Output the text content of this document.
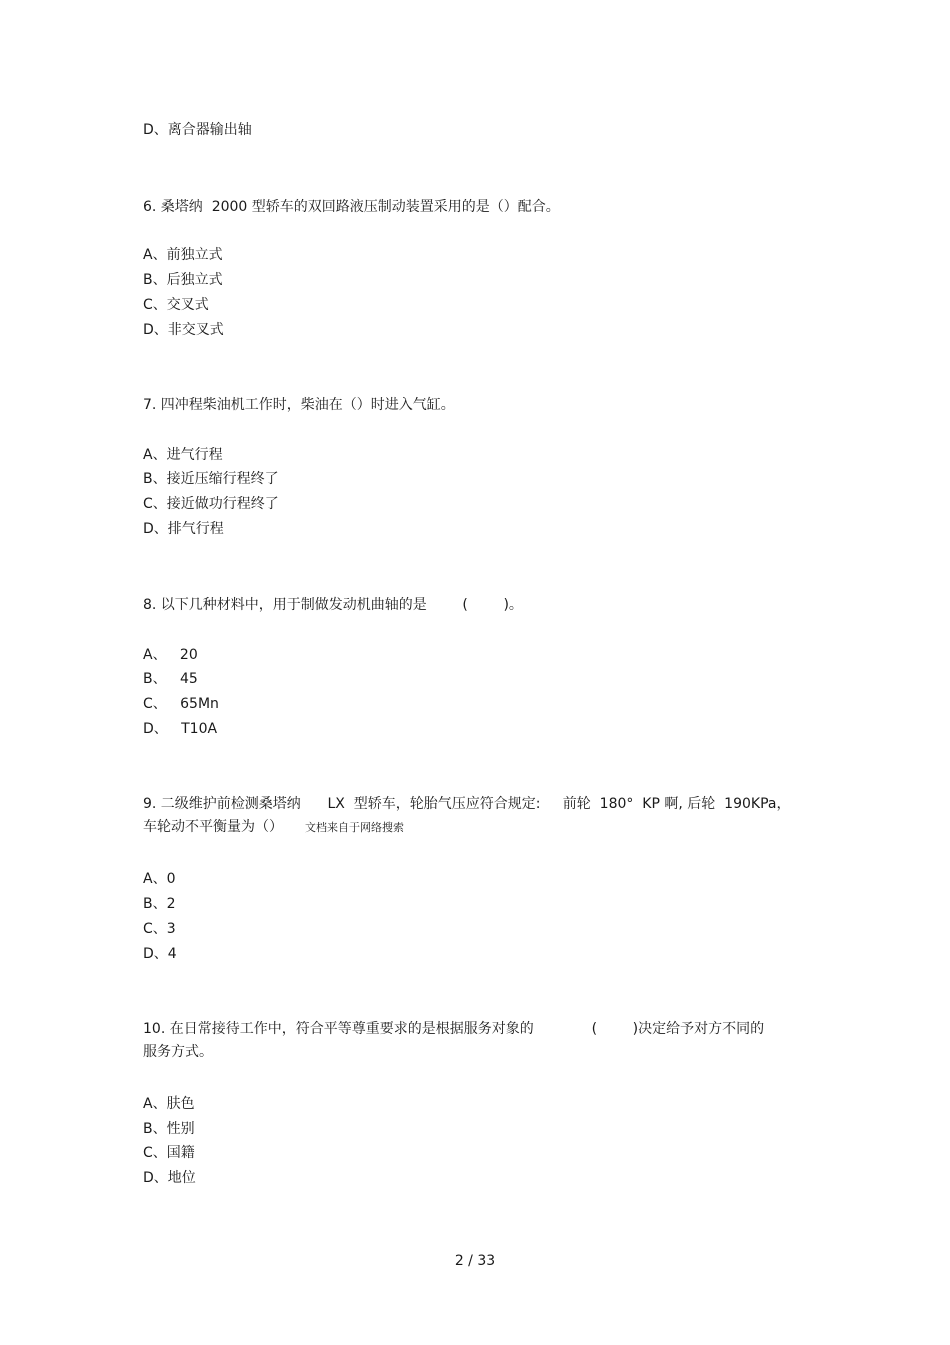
D、离合器输出轴
6. 桑塔纳  2000 型轿车的双回路液压制动装置采用的是（）配合。
A、前独立式
B、后独立式
C、交叉式
D、非交叉式
7. 四冲程柴油机工作时，柴油在（）时进入气缸。
A、进气行程
B、接近压缩行程终了
C、接近做功行程终了
D、排气行程
8. 以下几种材料中，用于制做发动机曲轴的是        (        )。
A、   20
B、   45
C、   65Mn
D、   T10A
9. 二级维护前检测桑塔纳      LX  型轿车，轮胎气压应符合规定:     前轮  180°  KP 啊, 后轮  190KPa，
车轮动不平衡量为（） 文档来自于网络搜索
A、0
B、2
C、3
D、4
10. 在日常接待工作中，符合平等尊重要求的是根据服务对象的             (        )决定给予对方不同的
服务方式。
A、肤色
B、性别
C、国籍
D、地位
2 / 33
